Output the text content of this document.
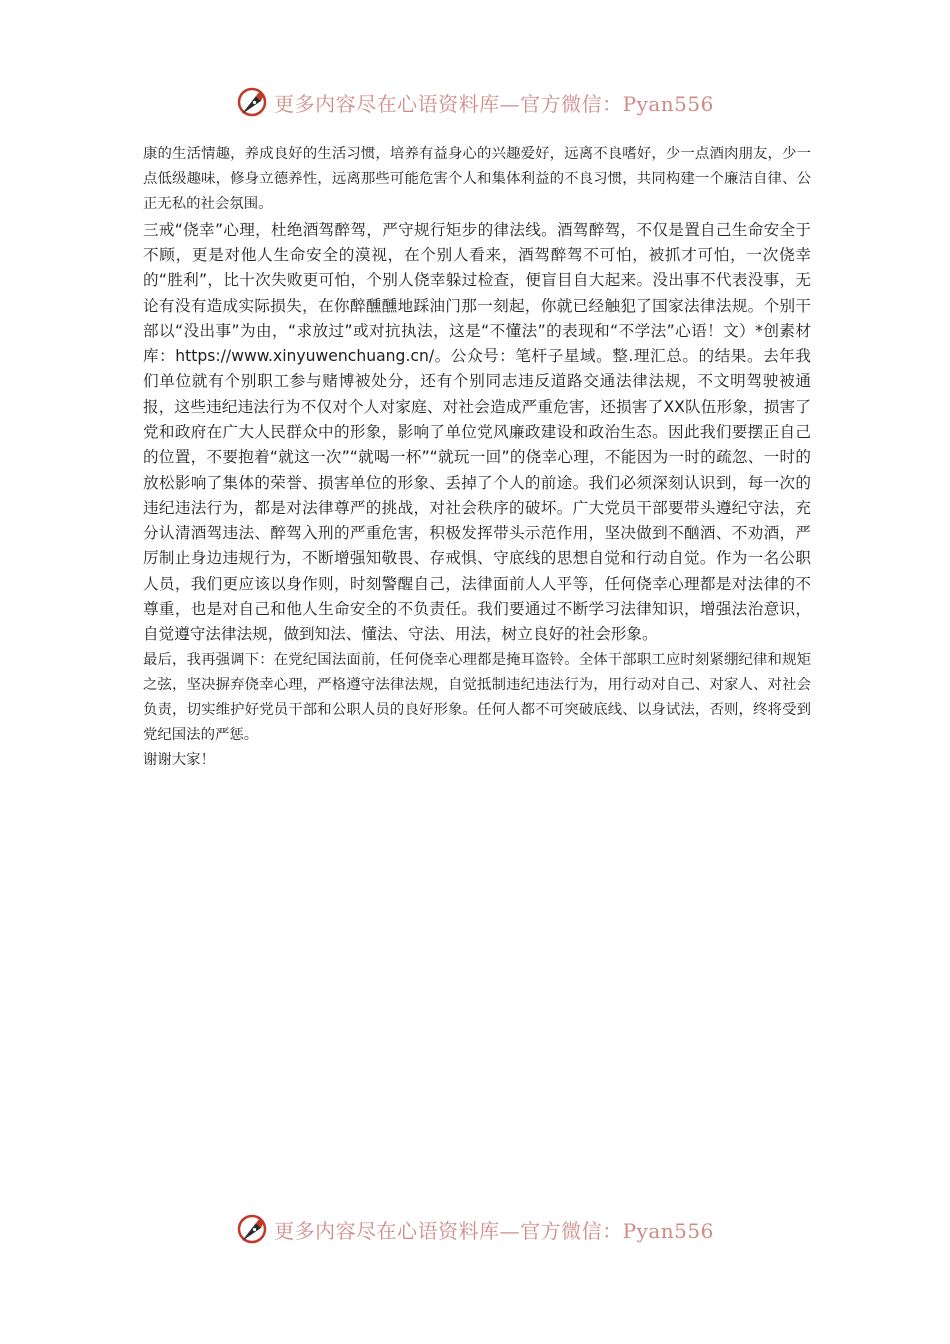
更多内容尽在心语资料库—官方微信：Pyan556

康的生活情趣，养成良好的生活习惯，培养有益身心的兴趣爱好，远离不良嗜好，少一点酒肉朋友，少一点低级趣味，修身立德养性，远离那些可能危害个人和集体利益的不良习惯，共同构建一个廉洁自律、公正无私的社会氛围。

三戒“侥幸”心理，杜绝酒驾醉驾，严守规行矩步的律法线。酒驾醉驾，不仅是置自己生命安全于不顾，更是对他人生命安全的漠视，在个别人看来，酒驾醉驾不可怕，被抓才可怕，一次侥幸的“胜利”，比十次失败更可怕，个别人侥幸躲过检查，便盲目自大起来。没出事不代表没事，无论有没有造成实际损失，在你醉醺醺地踩油门那一刻起，你就已经触犯了国家法律法规。个别干部以“没出事”为由，“求放过”或对抗执法，这是“不懂法”的表现和“不学法”心语！文）*创素材库：https://www.xinyuwenchuang.cn/。公众号：笔杆子星域。整.理汇总。的结果。去年我们单位就有个别职工参与赌博被处分，还有个别同志违反道路交通法律法规，不文明驾驶被通报，这些违纪违法行为不仅对个人对家庭、对社会造成严重危害，还损害了XX队伍形象，损害了党和政府在广大人民群众中的形象，影响了单位党风廉政建设和政治生态。因此我们要摆正自己的位置，不要抱着“就这一次”“就喝一杯”“就玩一回”的侥幸心理，不能因为一时的疏忽、一时的放松影响了集体的荣誉、损害单位的形象、丢掉了个人的前途。我们必须深刻认识到，每一次的违纪违法行为，都是对法律尊严的挑战，对社会秩序的破坏。广大党员干部要带头遵纪守法，充分认清酒驾违法、醉驾入刑的严重危害，积极发挥带头示范作用，坚决做到不酗酒、不劝酒，严厉制止身边违规行为，不断增强知敬畏、存戒惧、守底线的思想自觉和行动自觉。作为一名公职人员，我们更应该以身作则，时刻警醒自己，法律面前人人平等，任何侥幸心理都是对法律的不尊重，也是对自己和他人生命安全的不负责任。我们要通过不断学习法律知识，增强法治意识，自觉遵守法律法规，做到知法、懂法、守法、用法，树立良好的社会形象。

最后，我再强调下：在党纪国法面前，任何侥幸心理都是掩耳盗铃。全体干部职工应时刻紧绷纪律和规矩之弦，坚决摒弃侥幸心理，严格遵守法律法规，自觉抵制违纪违法行为，用行动对自己、对家人、对社会负责，切实维护好党员干部和公职人员的良好形象。任何人都不可突破底线、以身试法，否则，终将受到党纪国法的严惩。

谢谢大家！

更多内容尽在心语资料库—官方微信：Pyan556
